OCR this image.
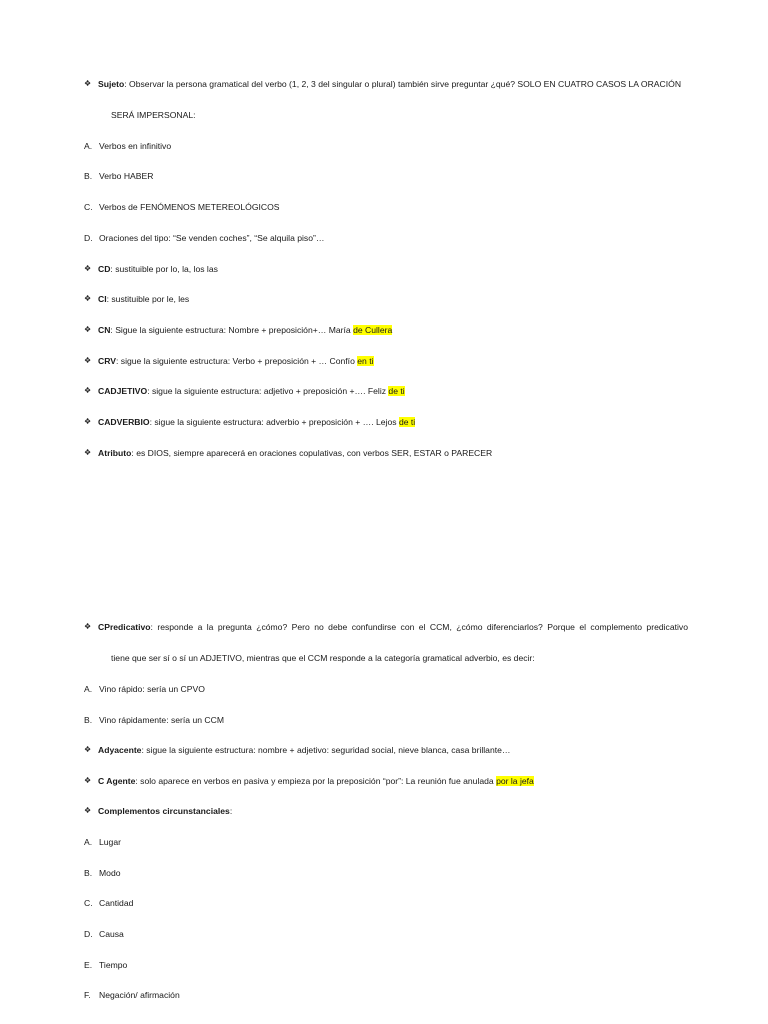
❖ Sujeto: Observar la persona gramatical del verbo (1, 2, 3 del singular o plural) también sirve preguntar ¿qué? SOLO EN CUATRO CASOS LA ORACIÓN
SERÁ IMPERSONAL:
A. Verbos en infinitivo
B. Verbo HABER
C. Verbos de FENÓMENOS METEREOLÓGICOS
D. Oraciones del tipo: “Se venden coches”, “Se alquila piso”…
❖ CD: sustituible por lo, la, los las
❖ CI: sustituible por le, les
❖ CN: Sigue la siguiente estructura: Nombre + preposición+… María de Cullera
❖ CRV: sigue la siguiente estructura: Verbo + preposición + … Confío en ti
❖ CADJETIVO: sigue la siguiente estructura: adjetivo + preposición +…. Feliz de ti
❖ CADVERBIO: sigue la siguiente estructura: adverbio + preposición + …. Lejos de ti
❖ Atributo: es DIOS, siempre aparecerá en oraciones copulativas, con verbos SER, ESTAR o PARECER
❖ CPredicativo: responde a la pregunta ¿cómo? Pero no debe confundirse con el CCM, ¿cómo diferenciarlos? Porque el complemento predicativo
tiene que ser sí o sí un ADJETIVO, mientras que el CCM responde a la categoría gramatical adverbio, es decir:
A. Vino rápido: sería un CPVO
B. Vino rápidamente: sería un CCM
❖ Adyacente: sigue la siguiente estructura: nombre + adjetivo: seguridad social, nieve blanca, casa brillante…
❖ C Agente: solo aparece en verbos en pasiva y empieza por la preposición “por”: La reunión fue anulada por la jefa
❖ Complementos circunstanciales:
A. Lugar
B. Modo
C. Cantidad
D. Causa
E. Tiempo
F. Negación/ afirmación
